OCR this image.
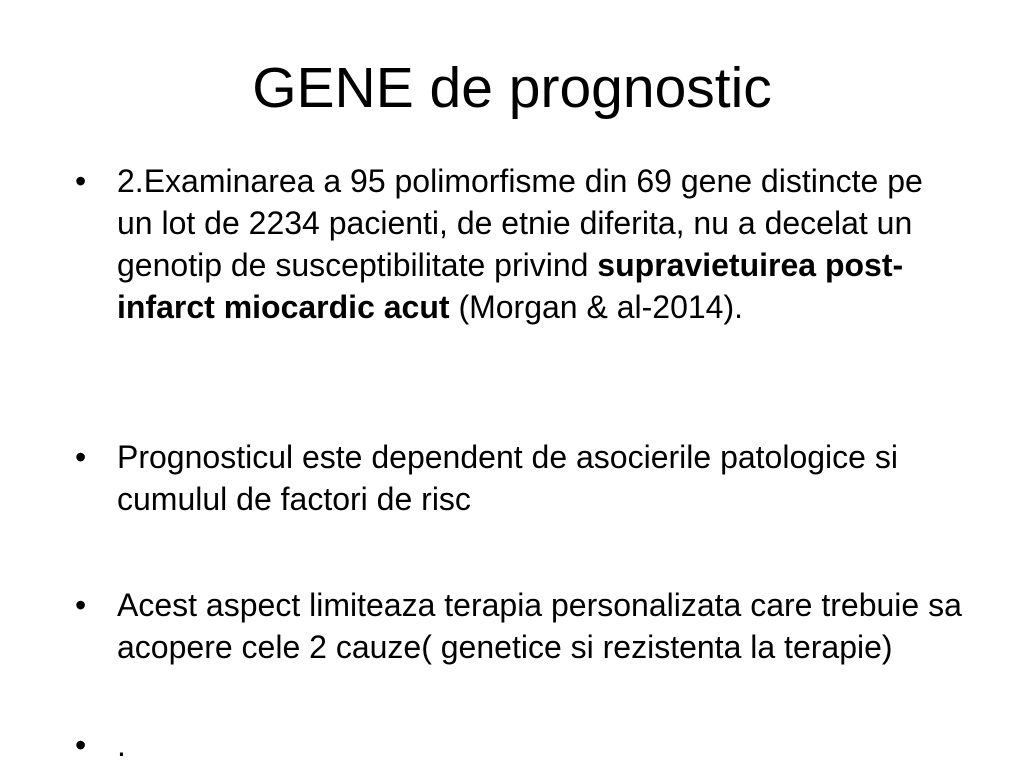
GENE de prognostic
• 2.Examinarea a 95 polimorfisme din 69 gene distincte pe un lot de 2234 pacienti, de etnie diferita, nu a decelat un genotip de susceptibilitate privind supravietuirea post-infarct miocardic acut (Morgan & al-2014).
• Prognosticul este dependent de asocierile patologice si cumulul de factori de risc
• Acest aspect limiteaza terapia personalizata care trebuie sa acopere cele 2 cauze( genetice si rezistenta la terapie)
• .
